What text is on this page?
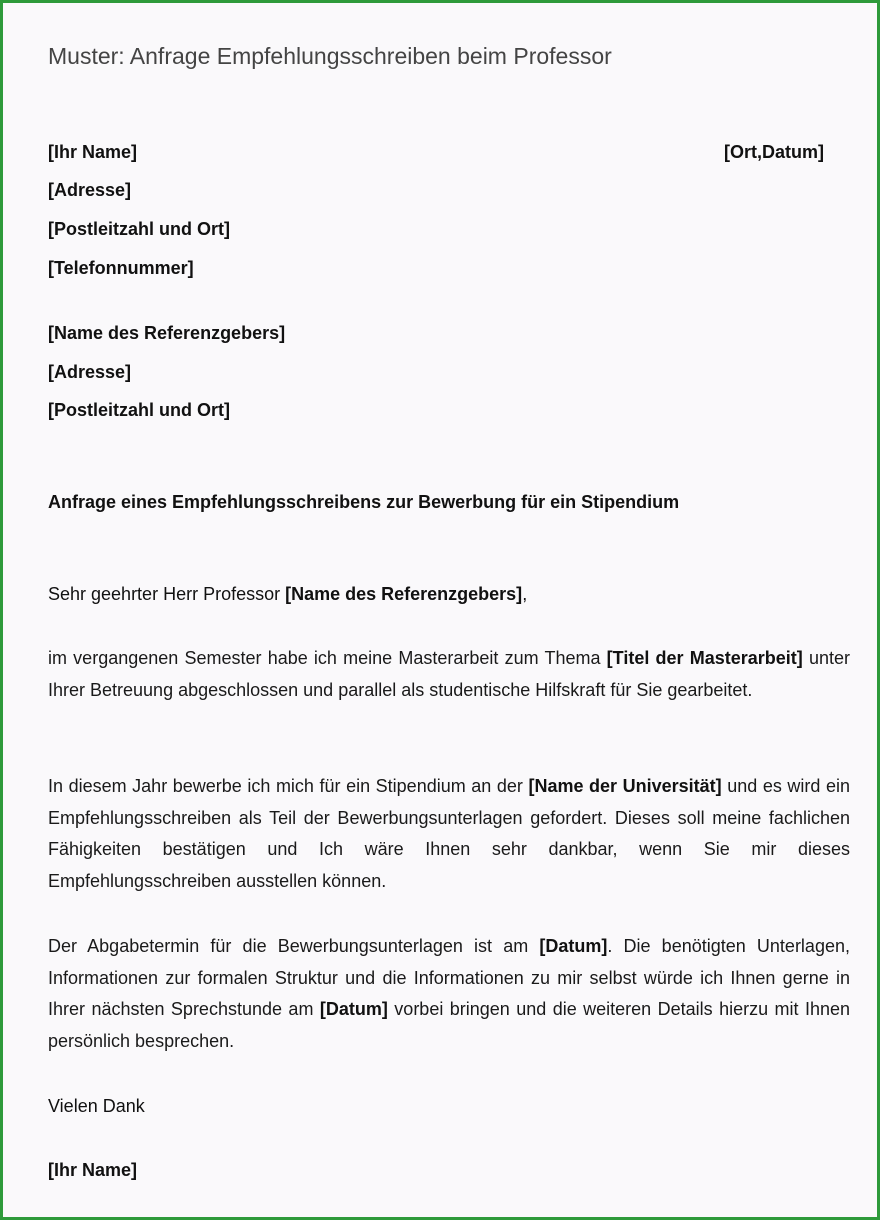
Muster: Anfrage Empfehlungsschreiben beim Professor
[Ihr Name]	[Ort,Datum]
[Adresse]
[Postleitzahl und Ort]
[Telefonnummer]
[Name des Referenzgebers]
[Adresse]
[Postleitzahl und Ort]
Anfrage eines Empfehlungsschreibens zur Bewerbung für ein Stipendium
Sehr geehrter Herr Professor [Name des Referenzgebers],
im vergangenen Semester habe ich meine Masterarbeit zum Thema [Titel der Masterarbeit] unter Ihrer Betreuung abgeschlossen und parallel als studentische Hilfskraft für Sie gearbeitet.
In diesem Jahr bewerbe ich mich für ein Stipendium an der [Name der Universität] und es wird ein Empfehlungsschreiben als Teil der Bewerbungsunterlagen gefordert. Dieses soll meine fachlichen Fähigkeiten bestätigen und Ich wäre Ihnen sehr dankbar, wenn Sie mir dieses Empfehlungsschreiben ausstellen können.
Der Abgabetermin für die Bewerbungsunterlagen ist am [Datum]. Die benötigten Unterlagen, Informationen zur formalen Struktur und die Informationen zu mir selbst würde ich Ihnen gerne in Ihrer nächsten Sprechstunde am [Datum] vorbei bringen und die weiteren Details hierzu mit Ihnen persönlich besprechen.
Vielen Dank
[Ihr Name]
